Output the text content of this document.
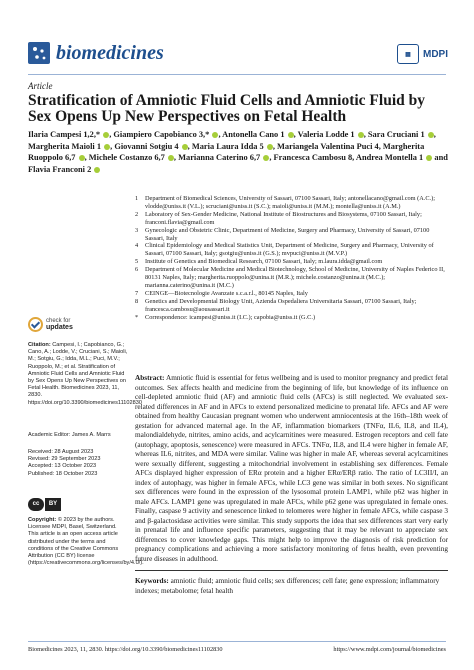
biomedicines	▦	MDPI
Article
Stratification of Amniotic Fluid Cells and Amniotic Fluid by Sex Opens Up New Perspectives on Fetal Health
Ilaria Campesi 1,2,* , Giampiero Capobianco 3,* , Antonella Cano 1 , Valeria Lodde 1 , Sara Cruciani 1 , Margherita Maioli 1 , Giovanni Sotgiu 4 , Maria Laura Idda 5 , Mariangela Valentina Puci 4, Margherita Ruoppolo 6,7 , Michele Costanzo 6,7 , Marianna Caterino 6,7 , Francesca Cambosu 8, Andrea Montella 1 and Flavia Franconi 2
1	Department of Biomedical Sciences, University of Sassari, 07100 Sassari, Italy; antonellacano@gmail.com (A.C.); vlodde@uniss.it (V.L.); scruciani@uniss.it (S.C.); maioli@uniss.it (M.M.); montella@uniss.it (A.M.)
2	Laboratory of Sex-Gender Medicine, National Institute of Biostructures and Biosystems, 07100 Sassari, Italy; franconi.flavia@gmail.com
3	Gynecologic and Obstetric Clinic, Department of Medicine, Surgery and Pharmacy, University of Sassari, 07100 Sassari, Italy
4	Clinical Epidemiology and Medical Statistics Unit, Department of Medicine, Surgery and Pharmacy, University of Sassari, 07100 Sassari, Italy; gsotgiu@uniss.it (G.S.); mvpuci@uniss.it (M.V.P.)
5	Institute of Genetics and Biomedical Research, 07100 Sassari, Italy; m.laura.idda@gmail.com
6	Department of Molecular Medicine and Medical Biotechnology, School of Medicine, University of Naples Federico II, 80131 Naples, Italy; margherita.ruoppolo@unina.it (M.R.); michele.costanzo@unina.it (M.C.); marianna.caterino@unina.it (M.C.)
7	CEINGE—Biotecnologie Avanzate s.c.a.r.l., 80145 Naples, Italy
8	Genetics and Developmental Biology Unit, Azienda Ospedaliera Universitaria Sassari, 07100 Sassari, Italy; francesca.cambosu@aousassari.it
*	Correspondence: icampesi@uniss.it (I.C.); capobia@uniss.it (G.C.)
check for
updates
Citation: Campesi, I.; Capobianco, G.; Cano, A.; Lodde, V.; Cruciani, S.; Maioli, M.; Sotgiu, G.; Idda, M.L.; Puci, M.V.; Ruoppolo, M.; et al. Stratification of Amniotic Fluid Cells and Amniotic Fluid by Sex Opens Up New Perspectives on Fetal Health. Biomedicines 2023, 11, 2830. https://doi.org/10.3390/biomedicines11102830
Academic Editor: James A. Marrs
Received: 28 August 2023
Revised: 29 September 2023
Accepted: 13 October 2023
Published: 18 October 2023
cc	BY
Copyright: © 2023 by the authors. Licensee MDPI, Basel, Switzerland. This article is an open access article distributed under the terms and conditions of the Creative Commons Attribution (CC BY) license (https://creativecommons.org/licenses/by/4.0/).
Abstract: Amniotic fluid is essential for fetus wellbeing and is used to monitor pregnancy and predict fetal outcomes. Sex affects health and medicine from the beginning of life, but knowledge of its influence on cell-depleted amniotic fluid (AF) and amniotic fluid cells (AFCs) is still neglected. We evaluated sex-related differences in AF and in AFCs to extend personalized medicine to prenatal life. AFCs and AF were obtained from healthy Caucasian pregnant women who underwent amniocentesis at the 16th–18th week of gestation for advanced maternal age. In the AF, inflammation biomarkers (TNFα, IL6, IL8, and IL4), malondialdehyde, nitrites, amino acids, and acylcarnitines were measured. Estrogen receptors and cell fate (autophagy, apoptosis, senescence) were measured in AFCs. TNFα, IL8, and IL4 were higher in female AF, whereas IL6, nitrites, and MDA were similar. Valine was higher in male AF, whereas several acylcarnitines were sexually different, suggesting a mitochondrial involvement in establishing sex differences. Female AFCs displayed higher expression of ERα protein and a higher ERα/ERβ ratio. The ratio of LC3II/I, an index of autophagy, was higher in female AFCs, while LC3 gene was similar in both sexes. No significant sex differences were found in the expression of the lysosomal protein LAMP1, while p62 was higher in male AFCs. LAMP1 gene was upregulated in male AFCs, while p62 gene was upregulated in female ones. Finally, caspase 9 activity and senescence linked to telomeres were higher in female AFCs, while caspase 3 and β-galactosidase activities were similar. This study supports the idea that sex differences start very early in prenatal life and influence specific parameters, suggesting that it may be relevant to appreciate sex differences to cover knowledge gaps. This might help to improve the diagnosis of risk prediction for pregnancy complications and achieving a more satisfactory monitoring of fetus health, even preventing future diseases in adulthood.
Keywords: amniotic fluid; amniotic fluid cells; sex differences; cell fate; gene expression; inflammatory indexes; metabolome; fetal health
Biomedicines 2023, 11, 2830. https://doi.org/10.3390/biomedicines11102830	https://www.mdpi.com/journal/biomedicines
